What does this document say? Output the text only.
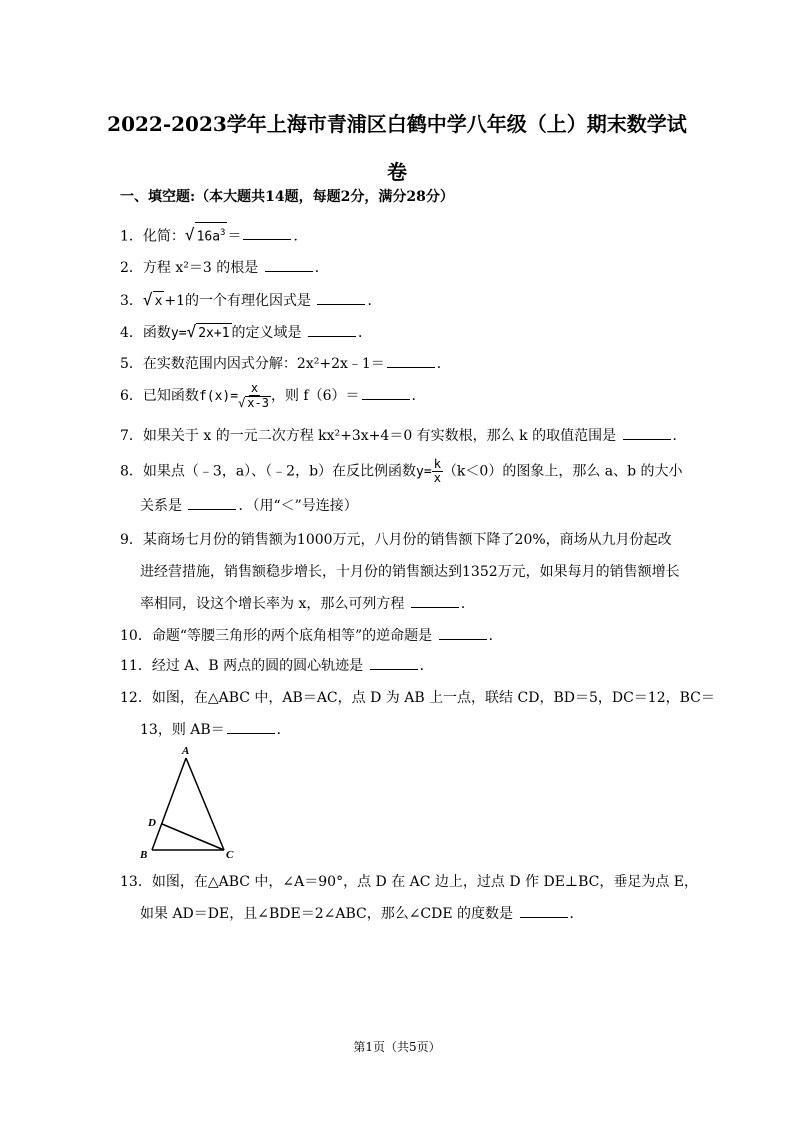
2022-2023学年上海市青浦区白鹤中学八年级（上）期末数学试
卷
一、填空题:（本大题共14题，每题2分，满分28分）
1．化简：√ $16a^3$ ＝	．
2．方程 x²＝3 的根是	．
3．√ x +1的一个有理化因式是	．
4．函数y=√ 2x+1 的定义域是	．
5．在实数范围内因式分解：2x²+2x﹣1＝	．
6．已知函数$f(x)= \frac{x}{√ x-3}$ ，则 f（6）＝	．
7．如果关于 x 的一元二次方程 kx²+3x+4＝0 有实数根，那么 k 的取值范围是	．
8．如果点（﹣3，a）、（﹣2，b）在反比例函数$y= \frac{k}{x} (k<0)$的图象上，那么 a、b 的大小
关系是	．（用“＜”号连接）
9．某商场七月份的销售额为1000万元，八月份的销售额下降了20%，商场从九月份起改
进经营措施，销售额稳步增长，十月份的销售额达到1352万元，如果每月的销售额增长
率相同，设这个增长率为 x，那么可列方程	．
10．命题“等腰三角形的两个底角相等”的逆命题是	．
11．经过 A、B 两点的圆的圆心轨迹是	．
12．如图，在△ABC 中，AB＝AC，点 D 为 AB 上一点，联结 CD，BD＝5，DC＝12，BC＝
13，则 AB＝	．
A
B	C
D
13．如图，在△ABC 中，∠A＝90°，点 D 在 AC 边上，过点 D 作 DE⊥BC，垂足为点 E，
如果 AD＝DE，且∠BDE＝2∠ABC，那么∠CDE 的度数是	．
第1页（共5页）
